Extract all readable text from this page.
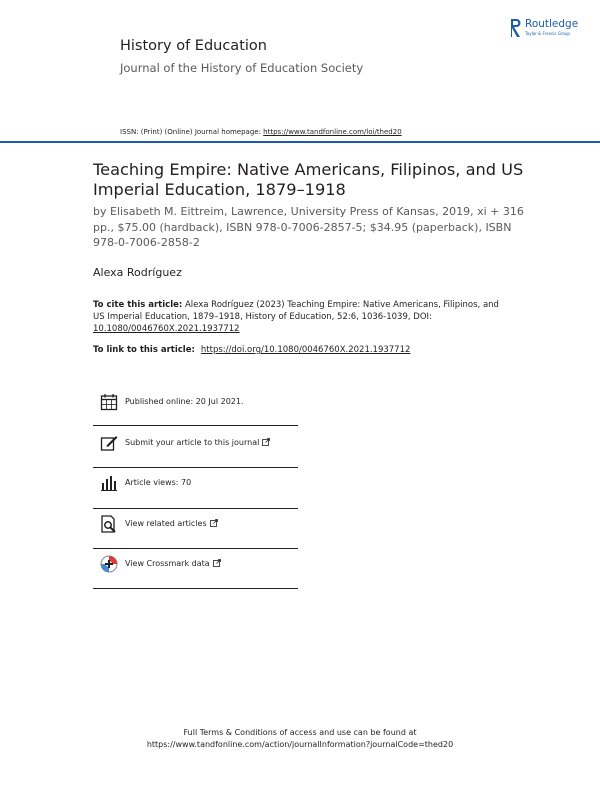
Routledge
Taylor & Francis Group
History of Education
Journal of the History of Education Society
ISSN: (Print) (Online) Journal homepage: https://www.tandfonline.com/loi/thed20
Teaching Empire: Native Americans, Filipinos, and US Imperial Education, 1879–1918
by Elisabeth M. Eittreim, Lawrence, University Press of Kansas, 2019, xi + 316 pp., $75.00 (hardback), ISBN 978-0-7006-2857-5; $34.95 (paperback), ISBN 978-0-7006-2858-2
Alexa Rodríguez
To cite this article: Alexa Rodríguez (2023) Teaching Empire: Native Americans, Filipinos, and US Imperial Education, 1879–1918, History of Education, 52:6, 1036-1039, DOI: 10.1080/0046760X.2021.1937712
To link to this article: https://doi.org/10.1080/0046760X.2021.1937712
Published online: 20 Jul 2021.
Submit your article to this journal
Article views: 70
View related articles
View Crossmark data
Full Terms & Conditions of access and use can be found at
https://www.tandfonline.com/action/journalInformation?journalCode=thed20
